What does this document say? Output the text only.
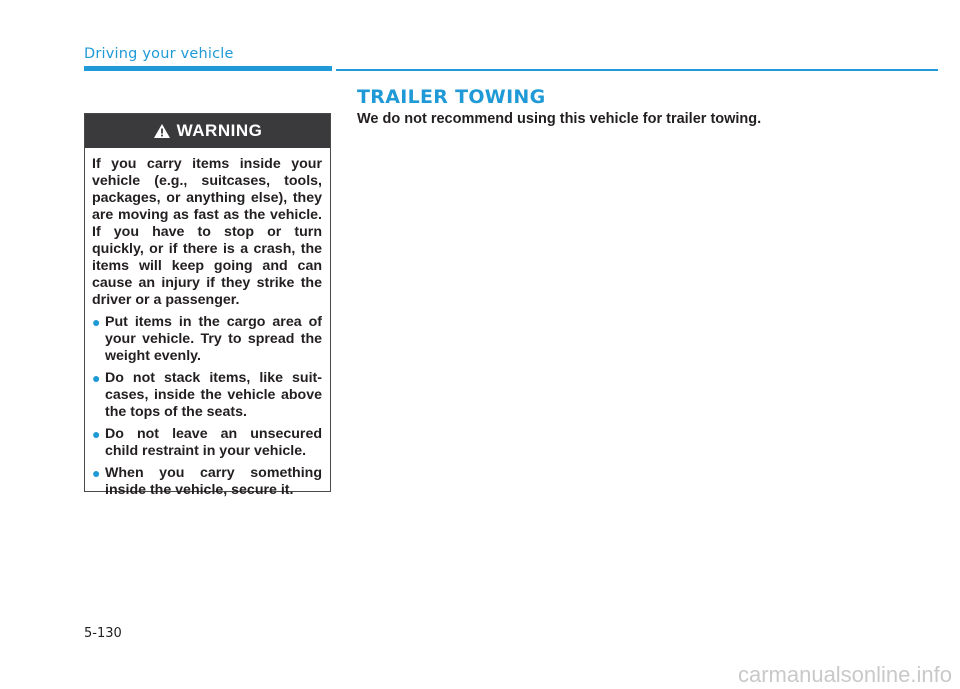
Driving your vehicle
WARNING

If you carry items inside your vehicle (e.g., suitcases, tools, packages, or anything else), they are moving as fast as the vehicle. If you have to stop or turn quickly, or if there is a crash, the items will keep going and can cause an injury if they strike the driver or a passenger.

● Put items in the cargo area of your vehicle. Try to spread the weight evenly.
● Do not stack items, like suit-cases, inside the vehicle above the tops of the seats.
● Do not leave an unsecured child restraint in your vehicle.
● When you carry something inside the vehicle, secure it.
TRAILER TOWING
We do not recommend using this vehicle for trailer towing.
5-130
carmanualsonline.info
